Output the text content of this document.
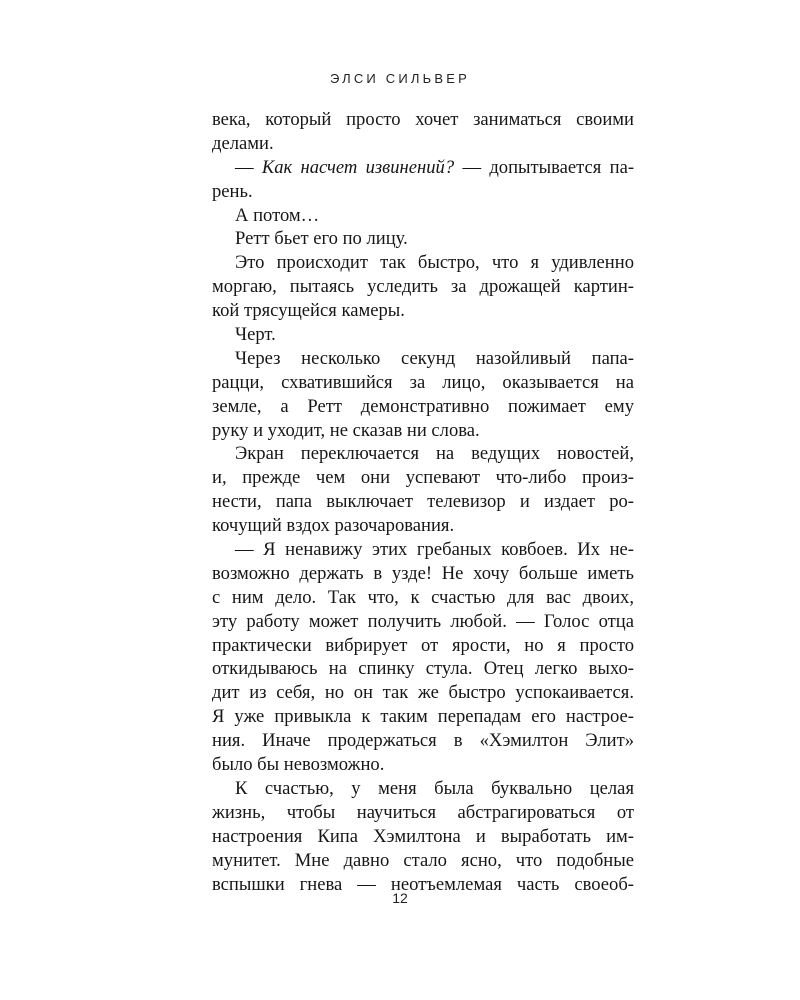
ЭЛСИ СИЛЬВЕР
века, который просто хочет заниматься своими
делами.
— Как насчет извинений? — допытывается па-
рень.
А потом…
Ретт бьет его по лицу.
Это происходит так быстро, что я удивленно
моргаю, пытаясь уследить за дрожащей картин-
кой трясущейся камеры.
Черт.
Через несколько секунд назойливый папа-
рацци, схватившийся за лицо, оказывается на
земле, а Ретт демонстративно пожимает ему
руку и уходит, не сказав ни слова.
Экран переключается на ведущих новостей,
и, прежде чем они успевают что-либо произ-
нести, папа выключает телевизор и издает ро-
кочущий вздох разочарования.
— Я ненавижу этих гребаных ковбоев. Их не-
возможно держать в узде! Не хочу больше иметь
с ним дело. Так что, к счастью для вас двоих,
эту работу может получить любой. — Голос отца
практически вибрирует от ярости, но я просто
откидываюсь на спинку стула. Отец легко выхо-
дит из себя, но он так же быстро успокаивается.
Я уже привыкла к таким перепадам его настрое-
ния. Иначе продержаться в «Хэмилтон Элит»
было бы невозможно.
К счастью, у меня была буквально целая
жизнь, чтобы научиться абстрагироваться от
настроения Кипа Хэмилтона и выработать им-
мунитет. Мне давно стало ясно, что подобные
вспышки гнева — неотъемлемая часть своеоб-
12
